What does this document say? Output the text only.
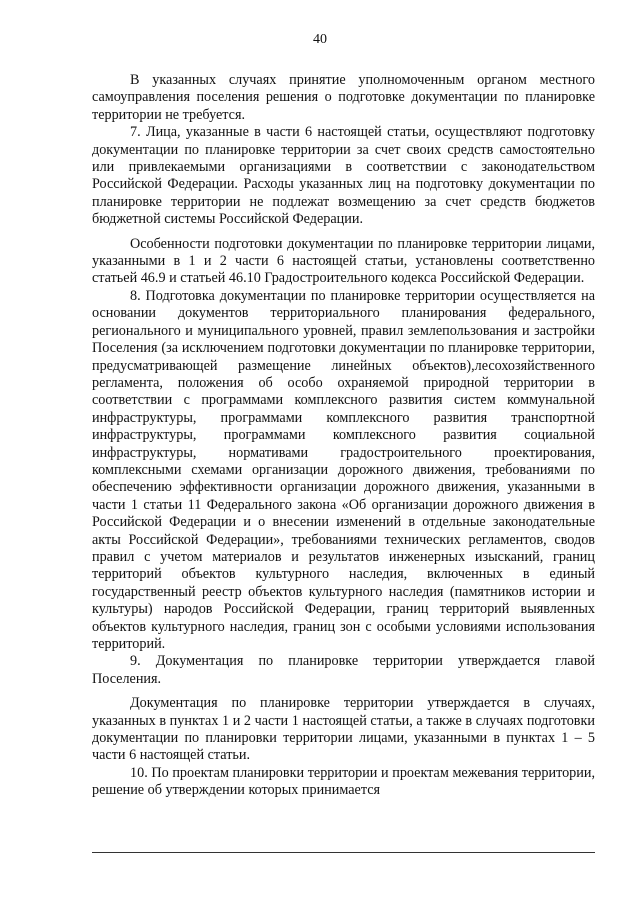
40

В указанных случаях принятие уполномоченным органом местного самоуправления поселения решения о подготовке документации по планировке территории не требуется.

7. Лица, указанные в части 6 настоящей статьи, осуществляют подготовку документации по планировке территории за счет своих средств самостоятельно или привлекаемыми организациями в соответствии с законодательством Российской Федерации. Расходы указанных лиц на подготовку документации по планировке территории не подлежат возмещению за счет средств бюджетов бюджетной системы Российской Федерации.

Особенности подготовки документации по планировке территории лицами, указанными в 1 и 2 части 6 настоящей статьи, установлены соответственно статьей 46.9 и статьей 46.10 Градостроительного кодекса Российской Федерации.

8. Подготовка документации по планировке территории осуществляется на основании документов территориального планирования федерального, регионального и муниципального уровней, правил землепользования и застройки Поселения (за исключением подготовки документации по планировке территории, предусматривающей размещение линейных объектов),лесохозяйственного регламента, положения об особо охраняемой природной территории в соответствии с программами комплексного развития систем коммунальной инфраструктуры, программами комплексного развития транспортной инфраструктуры, программами комплексного развития социальной инфраструктуры, нормативами градостроительного проектирования, комплексными схемами организации дорожного движения, требованиями по обеспечению эффективности организации дорожного движения, указанными в части 1 статьи 11 Федерального закона «Об организации дорожного движения в Российской Федерации и о внесении изменений в отдельные законодательные акты Российской Федерации», требованиями технических регламентов, сводов правил с учетом материалов и результатов инженерных изысканий, границ территорий объектов культурного наследия, включенных в единый государственный реестр объектов культурного наследия (памятников истории и культуры) народов Российской Федерации, границ территорий выявленных объектов культурного наследия, границ зон с особыми условиями использования территорий.

9. Документация по планировке территории утверждается главой Поселения.

Документация по планировке территории утверждается в случаях, указанных в пунктах 1 и 2 части 1 настоящей статьи, а также в случаях подготовки документации по планировки территории лицами, указанными в пунктах 1 – 5 части 6 настоящей статьи.

10. По проектам планировки территории и проектам межевания территории, решение об утверждении которых принимается
